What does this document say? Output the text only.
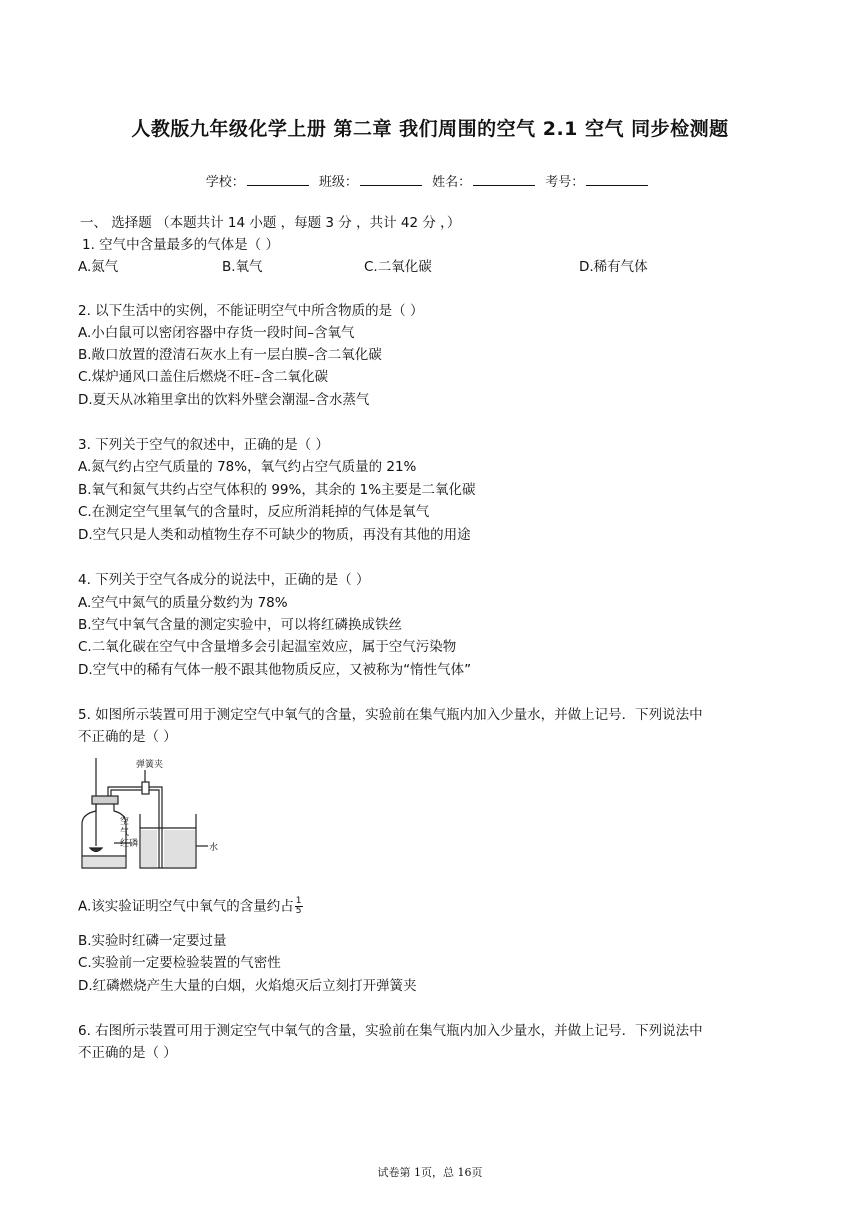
人教版九年级化学上册 第二章 我们周围的空气 2.1 空气 同步检测题
学校：	班级：	姓名：	考号：
一、 选择题 （本题共计 14 小题 ，每题 3 分 ，共计 42 分 ，）
1. 空气中含量最多的气体是（ ）
A.氮气	B.氧气	C.二氧化碳	D.稀有气体
2. 以下生活中的实例，不能证明空气中所含物质的是（ ）
A.小白鼠可以密闭容器中存货一段时间–含氧气
B.敞口放置的澄清石灰水上有一层白膜–含二氧化碳
C.煤炉通风口盖住后燃烧不旺–含二氧化碳
D.夏天从冰箱里拿出的饮料外壁会潮湿–含水蒸气
3. 下列关于空气的叙述中，正确的是（ ）
A.氮气约占空气质量的 78%，氧气约占空气质量的 21%
B.氧气和氮气共约占空气体积的 99%，其余的 1%主要是二氧化碳
C.在测定空气里氧气的含量时，反应所消耗掉的气体是氧气
D.空气只是人类和动植物生存不可缺少的物质，再没有其他的用途
4. 下列关于空气各成分的说法中，正确的是（ ）
A.空气中氮气的质量分数约为 78%
B.空气中氧气含量的测定实验中，可以将红磷换成铁丝
C.二氧化碳在空气中含量增多会引起温室效应，属于空气污染物
D.空气中的稀有气体一般不跟其他物质反应，又被称为“惰性气体”
5. 如图所示装置可用于测定空气中氧气的含量，实验前在集气瓶内加入少量水，并做上记号．下列说法中
不正确的是（ ）
弹簧夹
空
气
红磷	水
A.该实验证明空气中氧气的含量约占 $\frac{1}{5}$
B.实验时红磷一定要过量
C.实验前一定要检验装置的气密性
D.红磷燃烧产生大量的白烟，火焰熄灭后立刻打开弹簧夹
6. 右图所示装置可用于测定空气中氧气的含量，实验前在集气瓶内加入少量水，并做上记号．下列说法中
不正确的是（ ）
试卷第 1页，总 16页
